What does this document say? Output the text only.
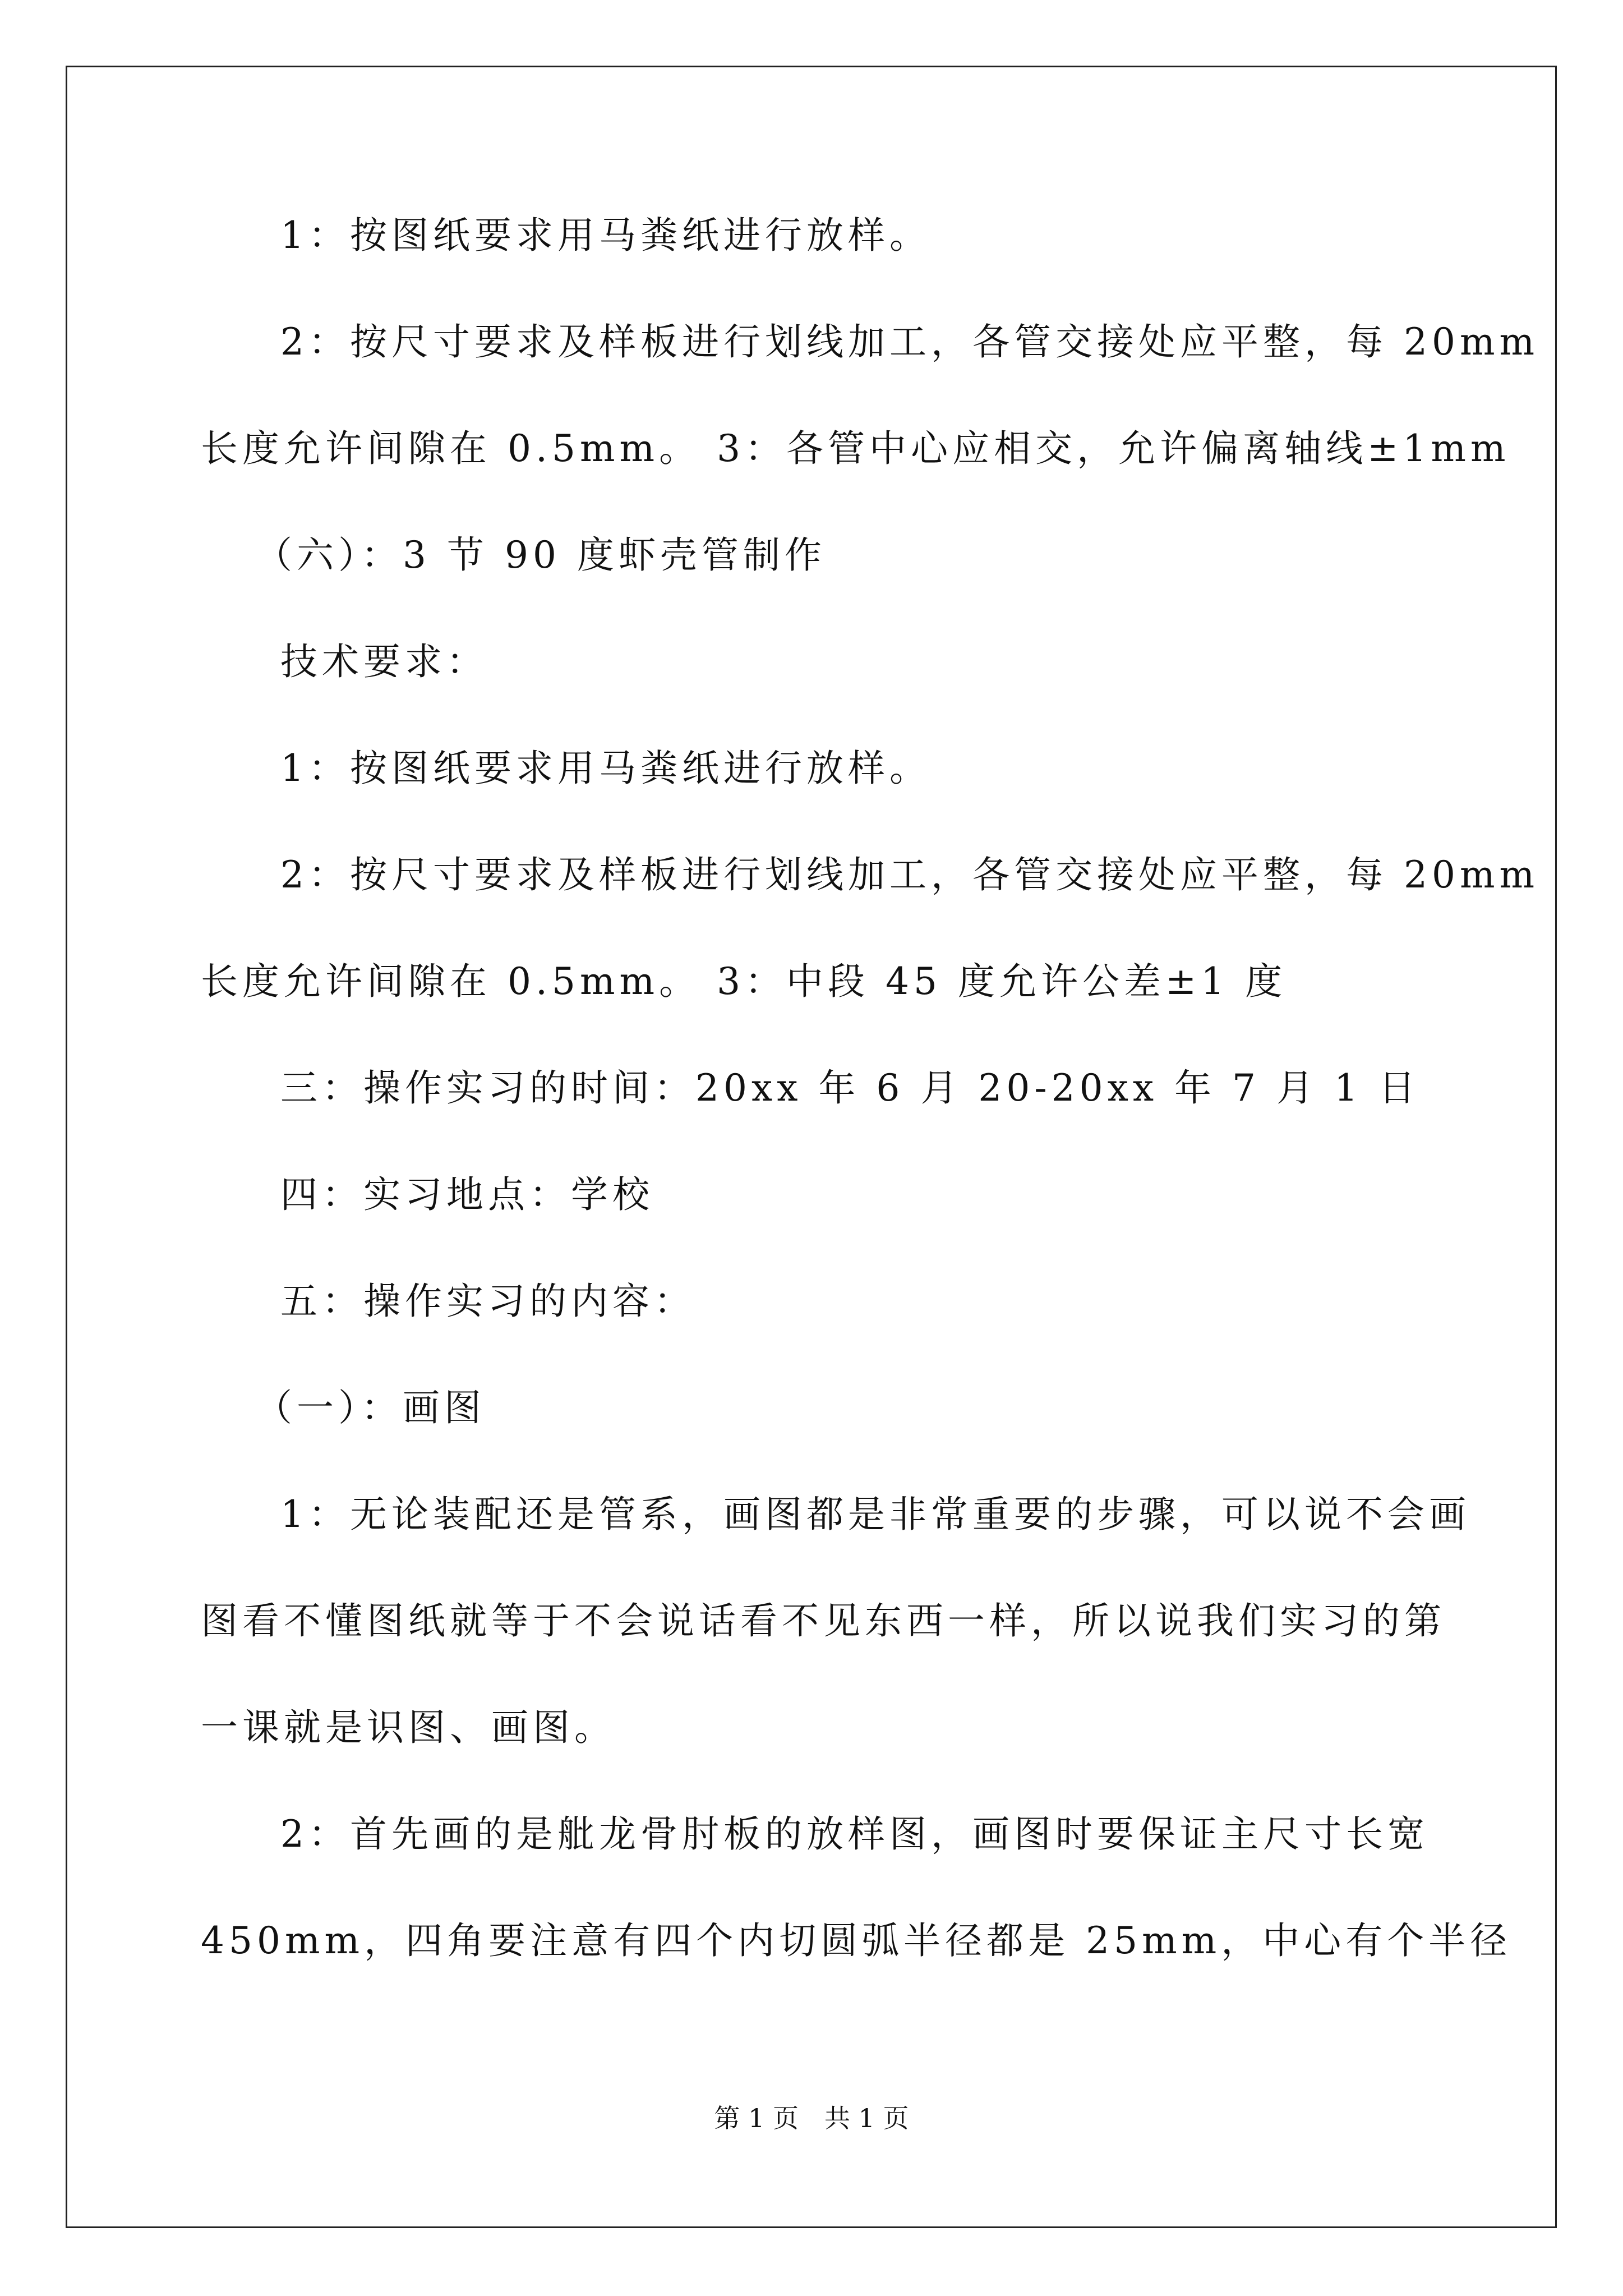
1：按图纸要求用马粪纸进行放样。
2：按尺寸要求及样板进行划线加工，各管交接处应平整，每 20mm
长度允许间隙在 0.5mm。 3：各管中心应相交，允许偏离轴线±1mm
（六）：3 节 90 度虾壳管制作
技术要求：
1：按图纸要求用马粪纸进行放样。
2：按尺寸要求及样板进行划线加工，各管交接处应平整，每 20mm
长度允许间隙在 0.5mm。 3：中段 45 度允许公差±1 度
三：操作实习的时间：20xx 年 6 月 20-20xx 年 7 月 1 日
四：实习地点：学校
五：操作实习的内容：
（一）：画图
1：无论装配还是管系，画图都是非常重要的步骤，可以说不会画
图看不懂图纸就等于不会说话看不见东西一样，所以说我们实习的第
一课就是识图、画图。
2：首先画的是舭龙骨肘板的放样图，画图时要保证主尺寸长宽
450mm，四角要注意有四个内切圆弧半径都是 25mm，中心有个半径
第 1 页　共 1 页
